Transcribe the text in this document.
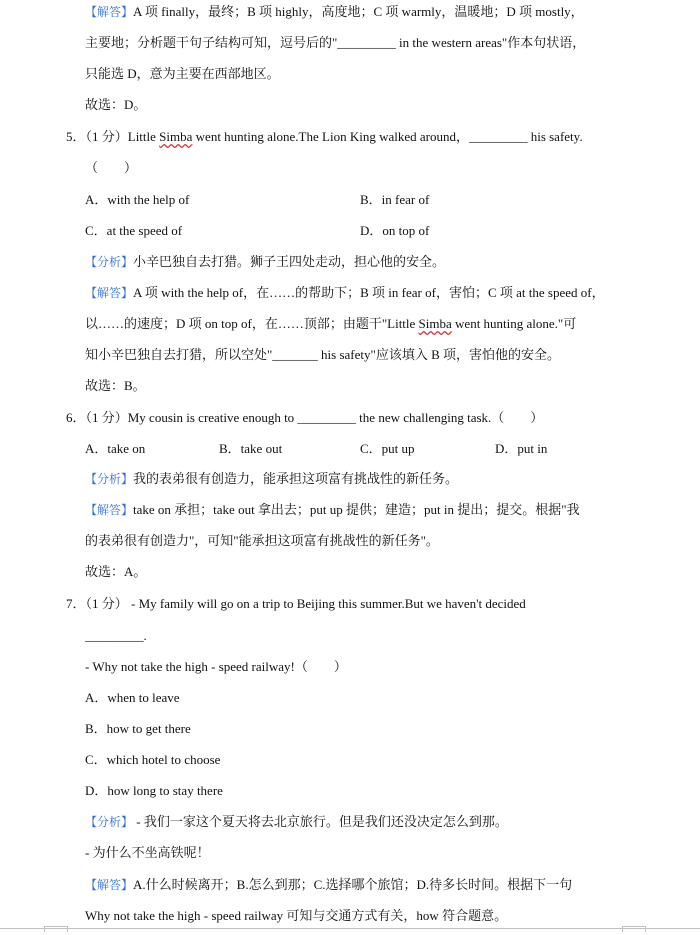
【解答】A 项 finally，最终；B 项 highly，高度地；C 项 warmly，温暖地；D 项 mostly，
主要地；分析题干句子结构可知，逗号后的"_________ in the western areas"作本句状语，
只能选 D，意为主要在西部地区。
故选：D。
5．（1 分）Little Simba went hunting alone.The Lion King walked around，_________ his safety.
（　　）
A．with the help of	B．in fear of
C．at the speed of	D．on top of
【分析】小辛巴独自去打猎。狮子王四处走动，担心他的安全。
【解答】A 项 with the help of，在……的帮助下；B 项 in fear of，害怕；C 项 at the speed of，
以……的速度；D 项 on top of，在……顶部；由题干"Little Simba went hunting alone."可
知小辛巴独自去打猎，所以空处"_______ his safety"应该填入 B 项，害怕他的安全。
故选：B。
6．（1 分）My cousin is creative enough to _________ the new challenging task.（　　）
A．take on	B．take out	C．put up	D．put in
【分析】我的表弟很有创造力，能承担这项富有挑战性的新任务。
【解答】take on 承担；take out 拿出去；put up 提供；建造；put in 提出；提交。根据"我
的表弟很有创造力"，可知"能承担这项富有挑战性的新任务"。
故选：A。
7．（1 分） - My family will go on a trip to Beijing this summer.But we haven't decided
_________.
- Why not take the high - speed railway!（　　）
A．when to leave
B．how to get there
C．which hotel to choose
D．how long to stay there
【分析】 - 我们一家这个夏天将去北京旅行。但是我们还没决定怎么到那。
- 为什么不坐高铁呢！
【解答】A.什么时候离开；B.怎么到那；C.选择哪个旅馆；D.待多长时间。根据下一句
Why not take the high - speed railway 可知与交通方式有关，how 符合题意。
